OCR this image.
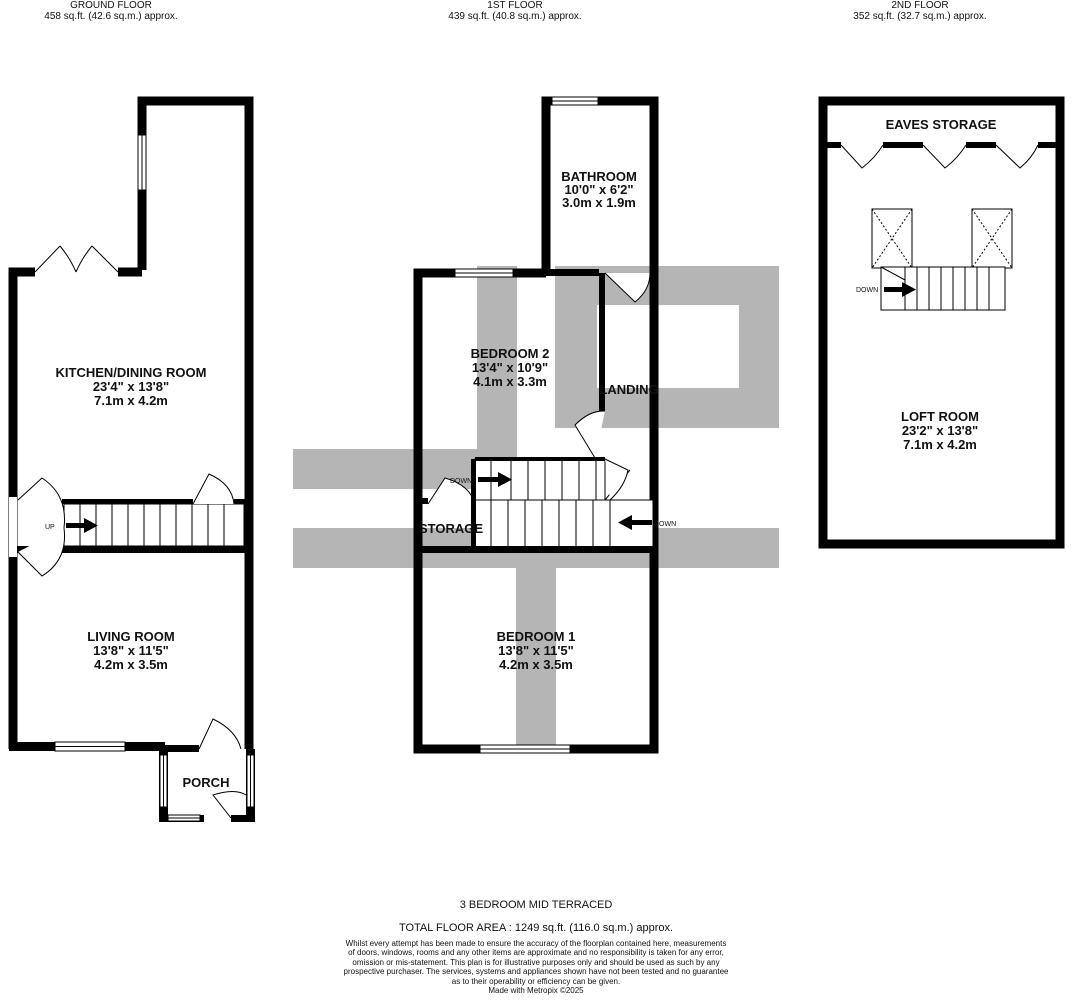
GROUND FLOOR
458 sq.ft. (42.6 sq.m.) approx.
1ST FLOOR
439 sq.ft. (40.8 sq.m.) approx.
2ND FLOOR
352 sq.ft. (32.7 sq.m.) approx.
UP
DOWN
DOWN
DOWN
KITCHEN/DINING ROOM
23'4" x 13'8"
7.1m x 4.2m
LIVING ROOM
13'8" x 11'5"
4.2m x 3.5m
PORCH
BATHROOM
10'0" x 6'2"
3.0m x 1.9m
BEDROOM 2
13'4" x 10'9"
4.1m x 3.3m
LANDING
STORAGE
BEDROOM 1
13'8" x 11'5"
4.2m x 3.5m
EAVES STORAGE
LOFT ROOM
23'2" x 13'8"
7.1m x 4.2m
3 BEDROOM MID TERRACED
TOTAL FLOOR AREA : 1249 sq.ft. (116.0 sq.m.) approx.
Whilst every attempt has been made to ensure the accuracy of the floorplan contained here, measurements
of doors, windows, rooms and any other items are approximate and no responsibility is taken for any error,
omission or mis-statement. This plan is for illustrative purposes only and should be used as such by any
prospective purchaser. The services, systems and appliances shown have not been tested and no guarantee
as to their operability or efficiency can be given.
Made with Metropix ©2025
